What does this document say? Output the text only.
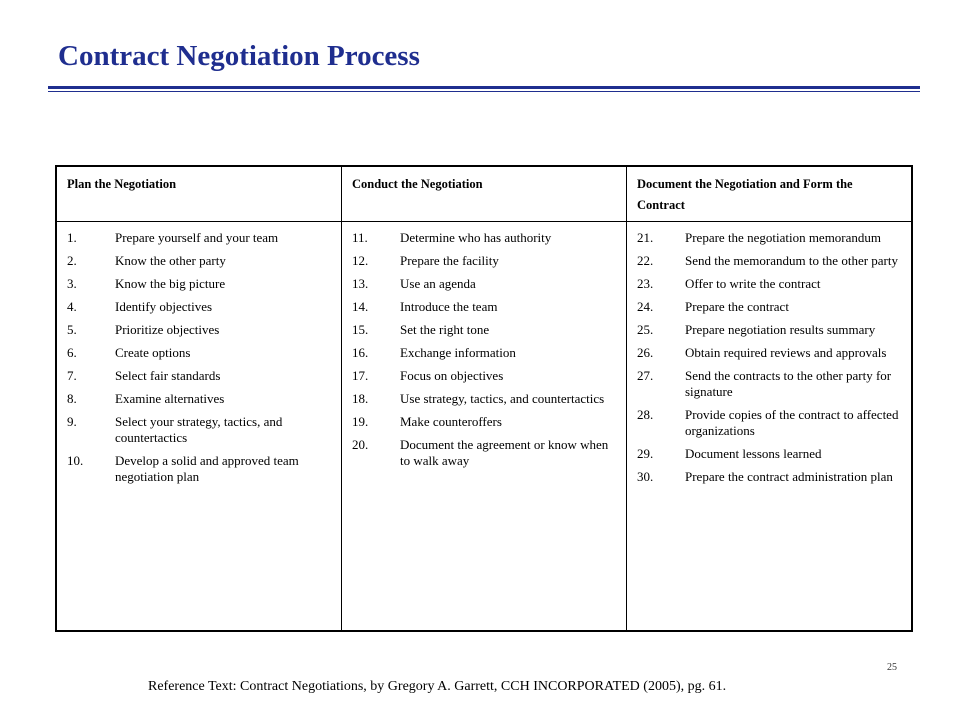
Contract Negotiation Process
Plan the Negotiation	Conduct the Negotiation	Document the Negotiation and Form the Contract
1.	Prepare yourself and your team
2.	Know the other party
3.	Know the big picture
4.	Identify objectives
5.	Prioritize objectives
6.	Create options
7.	Select fair standards
8.	Examine alternatives
9.	Select your strategy, tactics, and countertactics
10.	Develop a solid and approved team negotiation plan
11.	Determine who has authority
12.	Prepare the facility
13.	Use an agenda
14.	Introduce the team
15.	Set the right tone
16.	Exchange information
17.	Focus on objectives
18.	Use strategy, tactics, and countertactics
19.	Make counteroffers
20.	Document the agreement or know when to walk away
21.	Prepare the negotiation memorandum
22.	Send the memorandum to the other party
23.	Offer to write the contract
24.	Prepare the contract
25.	Prepare negotiation results summary
26.	Obtain required reviews and approvals
27.	Send the contracts to the other party for signature
28.	Provide copies of the contract to affected organizations
29.	Document lessons learned
30.	Prepare the contract administration plan
25
Reference Text: Contract Negotiations, by Gregory A. Garrett, CCH INCORPORATED (2005), pg. 61.
